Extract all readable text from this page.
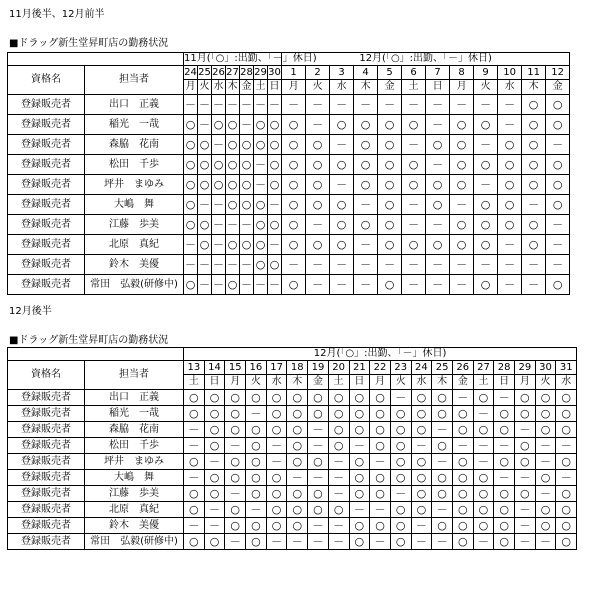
11月後半、12月前半
■ドラッグ新生堂昇町店の勤務状況
		11月(「○」:出勤、「－」休日)							12月(「○」:出勤、「－」休日)											
資格名	担当者	24	25	26	27	28	29	30	1	2	3	4	5	6	7	8	9	10	11	12
		月	火	水	木	金	土	日	月	火	水	木	金	土	日	月	火	水	木	金
登録販売者	出口　正義	－	－	－	－	－	－	－	－	－	－	－	－	－	－	－	－	－	○	○
登録販売者	稲光　一哉	○	－	○	○	－	○	○	○	－	○	○	○	○	－	○	○	－	○	○
登録販売者	森脇　花南	○	○	－	○	○	○	○	○	○	－	○	○	－	○	○	－	○	○	－
登録販売者	松田　千歩	○	○	○	○	○	－	○	○	○	○	○	○	○	－	○	○	○	○	○
登録販売者	坪井　まゆみ	○	○	○	○	○	－	○	○	○	－	○	○	○	○	○	－	○	○	○
登録販売者	大嶋　舞	○	－	－	○	○	○	－	○	○	○	－	○	－	○	－	○	○	－	○
登録販売者	江藤　歩美	○	○	－	－	－	○	○	○	－	○	○	○	－	－	○	○	○	○	－
登録販売者	北原　真紀	－	○	－	○	○	○	－	○	○	○	－	○	○	○	○	○	－	○	－
登録販売者	鈴木　美優	－	－	－	－	－	○	○	－	－	－	－	－	－	－	－	－	－	－	－
登録販売者	常田　弘毅(研修中)	○	－	－	○	－	－	－	○	－	－	－	○	－	－	－	○	－	－	○
12月後半
■ドラッグ新生堂昇町店の勤務状況
		12月(「○」:出勤、「－」休日)																		
資格名	担当者	13	14	15	16	17	18	19	20	21	22	23	24	25	26	27	28	29	30	31
		土	日	月	火	水	木	金	土	日	月	火	水	木	金	土	日	月	火	水
登録販売者	出口　正義	○	○	○	○	○	○	○	○	○	○	－	○	○	－	○	－	○	○	○
登録販売者	稲光　一哉	○	○	○	－	○	○	○	○	○	○	○	○	○	○	－	○	○	○	○
登録販売者	森脇　花南	－	○	○	○	○	○	－	○	○	○	○	○	－	○	○	○	－	○	○
登録販売者	松田　千歩	－	○	－	○	－	○	－	○	－	○	○	－	○	－	－	－	○	－	－
登録販売者	坪井　まゆみ	○	－	○	○	－	○	○	－	○	－	○	○	－	○	－	○	○	－	○
登録販売者	大嶋　舞	－	○	○	○	○	－	－	－	○	○	○	○	○	○	○	－	－	○	－
登録販売者	江藤　歩美	○	○	－	○	○	○	○	－	○	○	－	○	○	○	○	○	○	－	○
登録販売者	北原　真紀	○	－	○	－	○	○	○	○	－	－	○	○	－	○	○	○	－	○	○
登録販売者	鈴木　美優	－	－	○	○	○	○	－	－	○	○	○	－	○	○	○	○	－	○	○
登録販売者	常田　弘毅(研修中)	○	○	－	○	－	－	－	－	○	－	○	－	－	○	－	○	－	－	○
